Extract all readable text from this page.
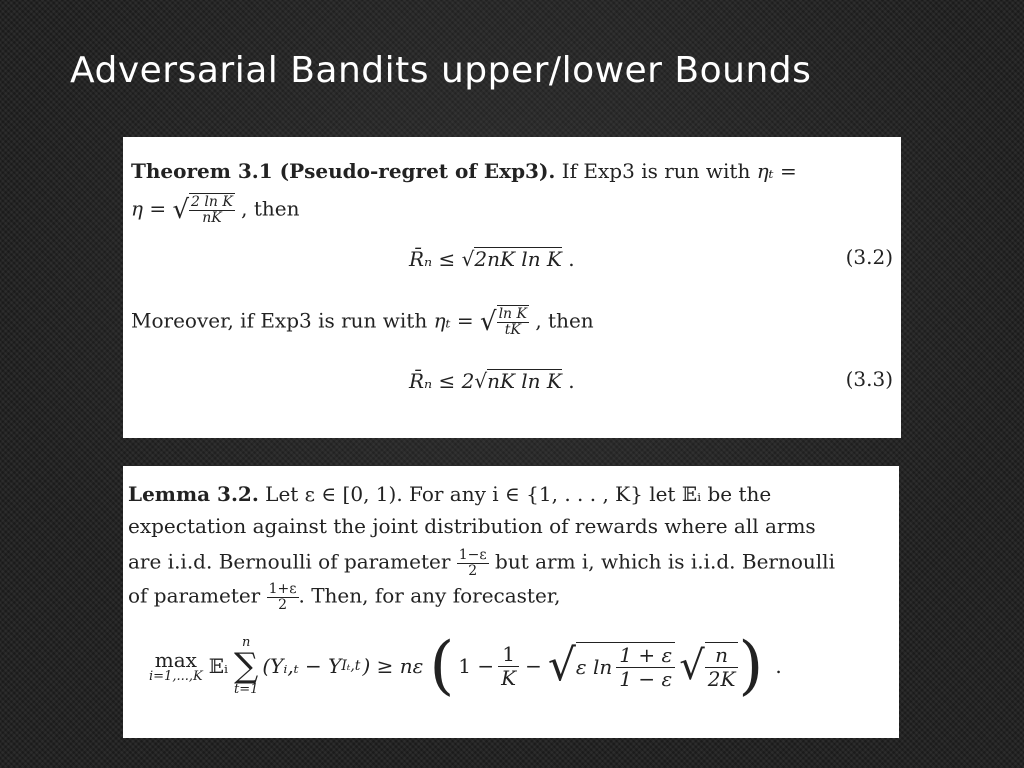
Adversarial Bandits upper/lower Bounds
Theorem 3.1 (Pseudo-regret of Exp3). If Exp3 is run with ηₜ =
η = √ $\frac{\text{2 ln K}}{nK}$ , then
R̄ₙ ≤ √2nK ln K .	(3.2)
Moreover, if Exp3 is run with ηₜ = √ $\frac{\text{ln K}}{tK}$ , then
R̄ₙ ≤ 2√nK ln K .	(3.3)
Lemma 3.2. Let ε ∈ [0, 1). For any i ∈ {1, . . . , K} let 𝔼ᵢ be the
expectation against the joint distribution of rewards where all arms
are i.i.d. Bernoulli of parameter $\frac{1-\varepsilon}{2}$ but arm i, which is i.i.d. Bernoulli
of parameter $\frac{1+\varepsilon}{2}$ . Then, for any forecaster,
max
i=1,...,K 𝔼ᵢ
n
∑
t=1
(Yᵢ,ₜ − Y Iₜ,t ) ≥ nε ( $1 - \frac{1}{K}$ − √ ε $\ln \frac{1 + \varepsilon}{1 - \varepsilon}$ √ $\frac{n}{2K}$ ) .
